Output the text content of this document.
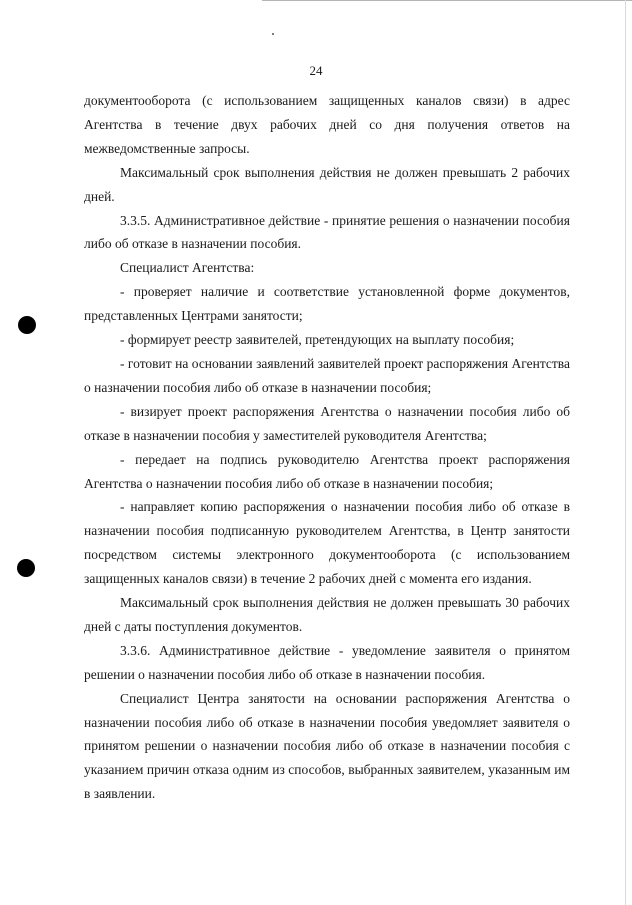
24

документооборота (с использованием защищенных каналов связи) в адрес Агентства в течение двух рабочих дней со дня получения ответов на межведомственные запросы.

Максимальный срок выполнения действия не должен превышать 2 рабочих дней.

3.3.5. Административное действие - принятие решения о назначении пособия либо об отказе в назначении пособия.

Специалист Агентства:

- проверяет наличие и соответствие установленной форме документов, представленных Центрами занятости;

- формирует реестр заявителей, претендующих на выплату пособия;

- готовит на основании заявлений заявителей проект распоряжения Агентства о назначении пособия либо об отказе в назначении пособия;

- визирует проект распоряжения Агентства о назначении пособия либо об отказе в назначении пособия у заместителей руководителя Агентства;

- передает на подпись руководителю Агентства проект распоряжения Агентства о назначении пособия либо об отказе в назначении пособия;

- направляет копию распоряжения о назначении пособия либо об отказе в назначении пособия подписанную руководителем Агентства, в Центр занятости посредством системы электронного документооборота (с использованием защищенных каналов связи) в течение 2 рабочих дней с момента его издания.

Максимальный срок выполнения действия не должен превышать 30 рабочих дней с даты поступления документов.

3.3.6. Административное действие - уведомление заявителя о принятом решении о назначении пособия либо об отказе в назначении пособия.

Специалист Центра занятости на основании распоряжения Агентства о назначении пособия либо об отказе в назначении пособия уведомляет заявителя о принятом решении о назначении пособия либо об отказе в назначении пособия с указанием причин отказа одним из способов, выбранных заявителем, указанным им в заявлении.
